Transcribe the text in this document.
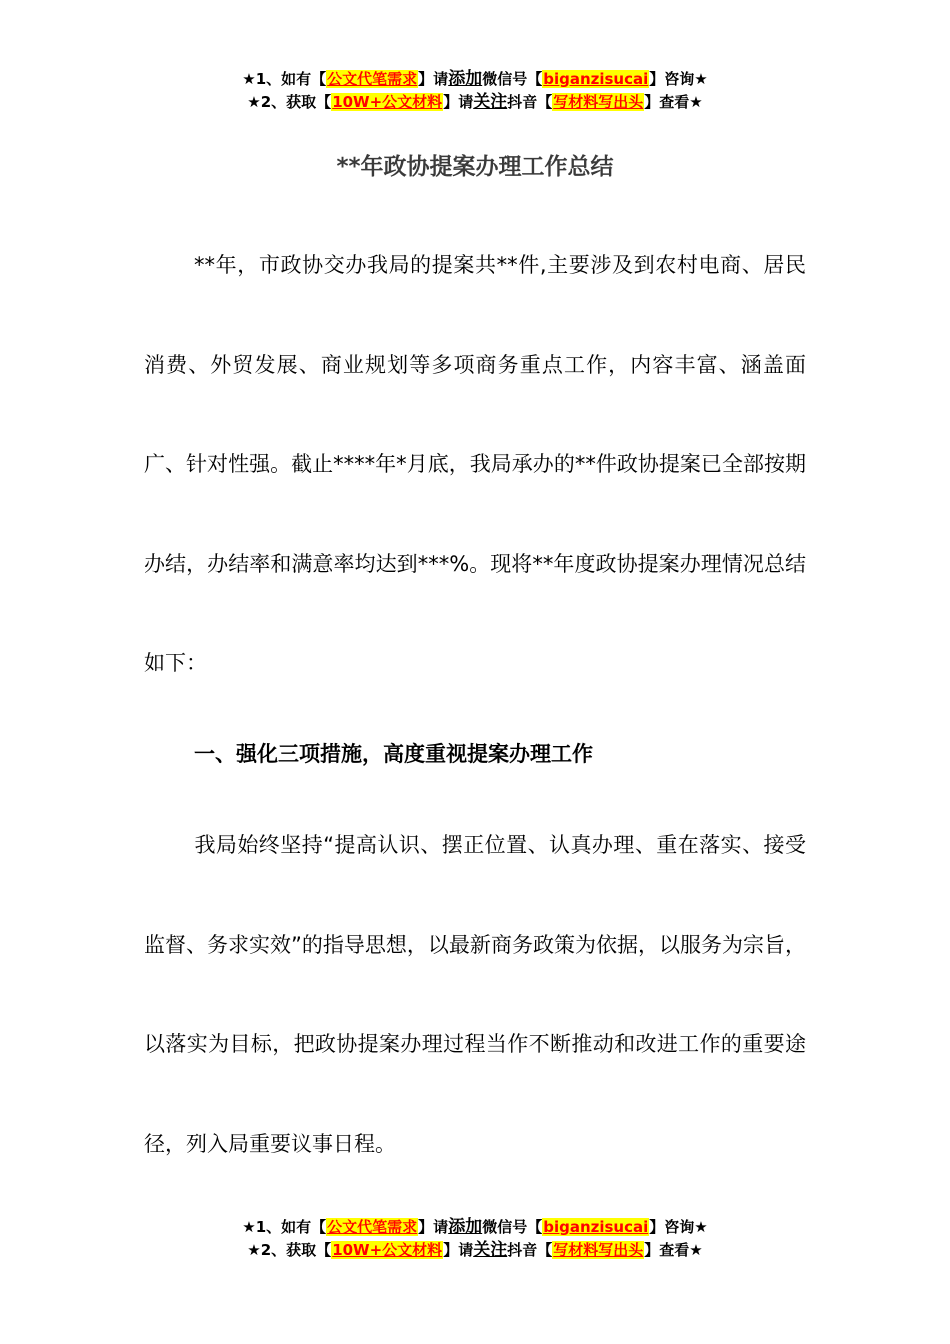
★1、如有【公文代笔需求】请添加微信号【biganzisucai】咨询★
★2、获取【10W+公文材料】请关注抖音【写材料写出头】查看★
**年政协提案办理工作总结

**年，市政协交办我局的提案共**件,主要涉及到农村电商、居民消费、外贸发展、商业规划等多项商务重点工作，内容丰富、涵盖面广、针对性强。截止****年*月底，我局承办的**件政协提案已全部按期办结，办结率和满意率均达到***%。现将**年度政协提案办理情况总结如下：

一、强化三项措施，高度重视提案办理工作

我局始终坚持“提高认识、摆正位置、认真办理、重在落实、接受监督、务求实效”的指导思想，以最新商务政策为依据，以服务为宗旨，以落实为目标，把政协提案办理过程当作不断推动和改进工作的重要途径，列入局重要议事日程。

★1、如有【公文代笔需求】请添加微信号【biganzisucai】咨询★
★2、获取【10W+公文材料】请关注抖音【写材料写出头】查看★
